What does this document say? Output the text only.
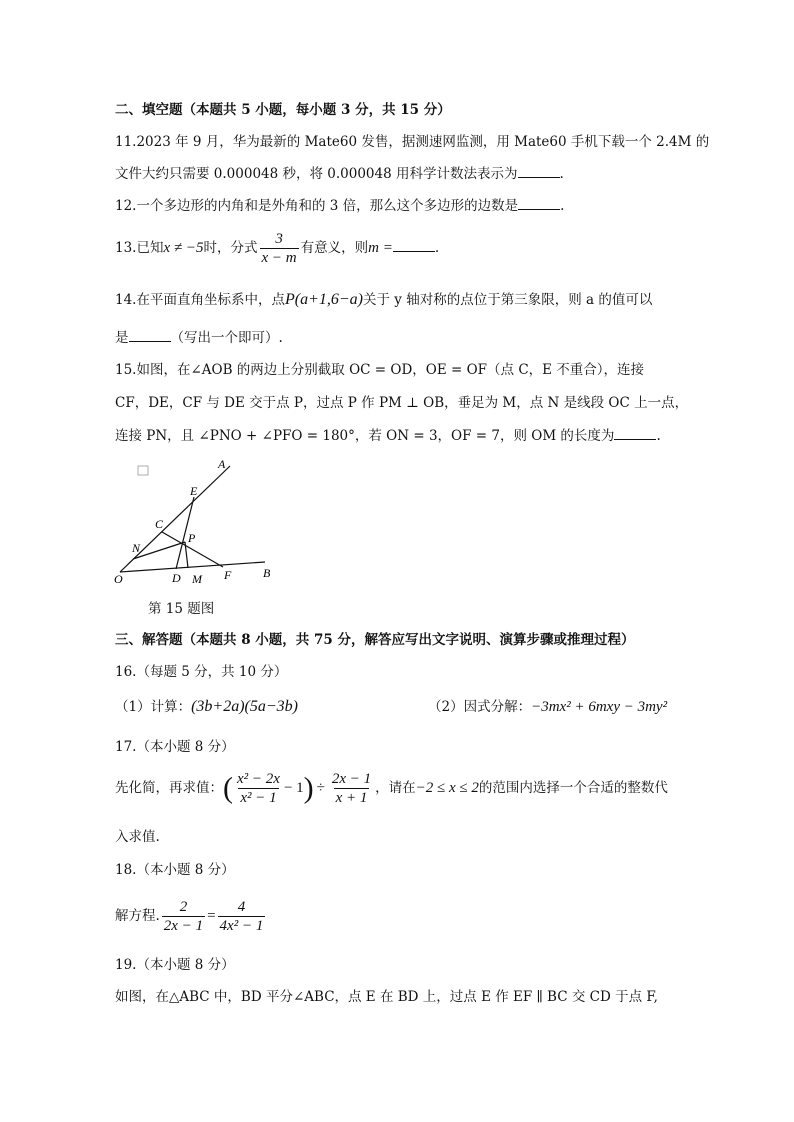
二、填空题（本题共 5 小题，每小题 3 分，共 15 分）
11.2023 年 9 月，华为最新的 Mate60 发售，据测速网监测，用 Mate60 手机下载一个 2.4M 的
文件大约只需要 0.000048 秒，将 0.000048 用科学计数法表示为	.
12.一个多边形的内角和是外角和的 3 倍，那么这个多边形的边数是	.
13.已知x ≠ −5时，分式 $\frac{3}{x - m}$ 有意义，则m =	.
14.在平面直角坐标系中，点P(a+1,6−a)关于 y 轴对称的点位于第三象限，则 a 的值可以
是	（写出一个即可）.
15.如图，在∠AOB 的两边上分别截取 OC = OD，OE = OF（点 C，E 不重合），连接
CF，DE，CF 与 DE 交于点 P，过点 P 作 PM ⊥ OB，垂足为 M，点 N 是线段 OC 上一点，
连接 PN，且 ∠PNO + ∠PFO = 180°，若 ON = 3，OF = 7，则 OM 的长度为	.
A
B
C
D
E
F
M
N
O
P
第 15 题图
三、解答题（本题共 8 小题，共 75 分，解答应写出文字说明、演算步骤或推理过程）
16.（每题 5 分，共 10 分）
（1）计算：(3b+2a)(5a−3b)	（2）因式分解：−3mx² + 6mxy − 3my²
17.（本小题 8 分）
先化简，再求值：( $\frac{\text{x² − 2x}}{\text{x² − 1}} - 1) \div \frac{2x - 1}{x + 1}$ ，请在−2 ≤ x ≤ 2的范围内选择一个合适的整数代
入求值.
18.（本小题 8 分）
解方程. $\frac{2}{2x - 1} = \frac{4}{\text{4x² − 1}}$
19.（本小题 8 分）
如图，在△ABC 中，BD 平分∠ABC，点 E 在 BD 上，过点 E 作 EF ∥ BC 交 CD 于点 F,
